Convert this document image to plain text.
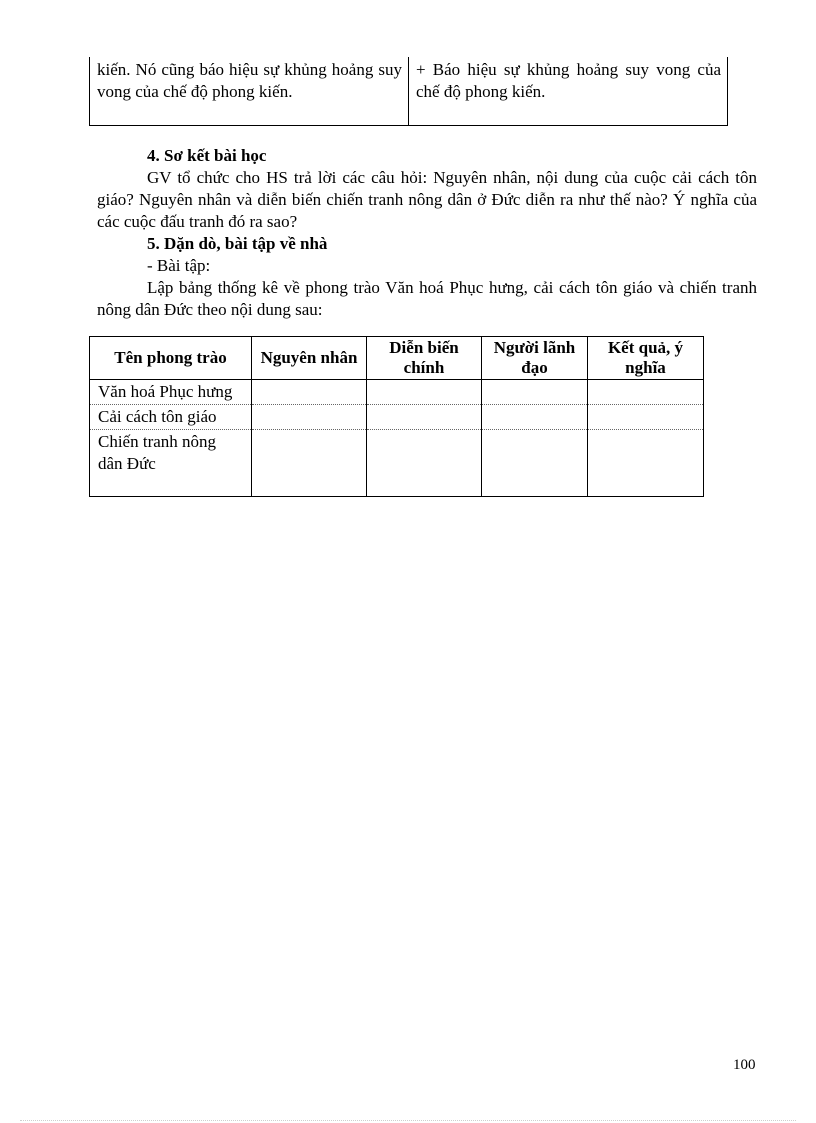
kiến. Nó cũng báo hiệu sự khủng hoảng suy vong của chế độ phong kiến.	+ Báo hiệu sự khủng hoảng suy vong của chế độ phong kiến.
4. Sơ kết bài học
GV tổ chức cho HS trả lời các câu hỏi: Nguyên nhân, nội dung của cuộc cải cách tôn giáo? Nguyên nhân và diễn biến chiến tranh nông dân ở Đức diễn ra như thế nào? Ý nghĩa của các cuộc đấu tranh đó ra sao?
5. Dặn dò, bài tập về nhà
- Bài tập:
Lập bảng thống kê về phong trào Văn hoá Phục hưng, cải cách tôn giáo và chiến tranh nông dân Đức theo nội dung sau:
Tên phong trào	Nguyên nhân	Diễn biến chính	Người lãnh đạo	Kết quả, ý nghĩa
Văn hoá Phục hưng				
Cải cách tôn giáo				
Chiến tranh nông dân Đức				
100
